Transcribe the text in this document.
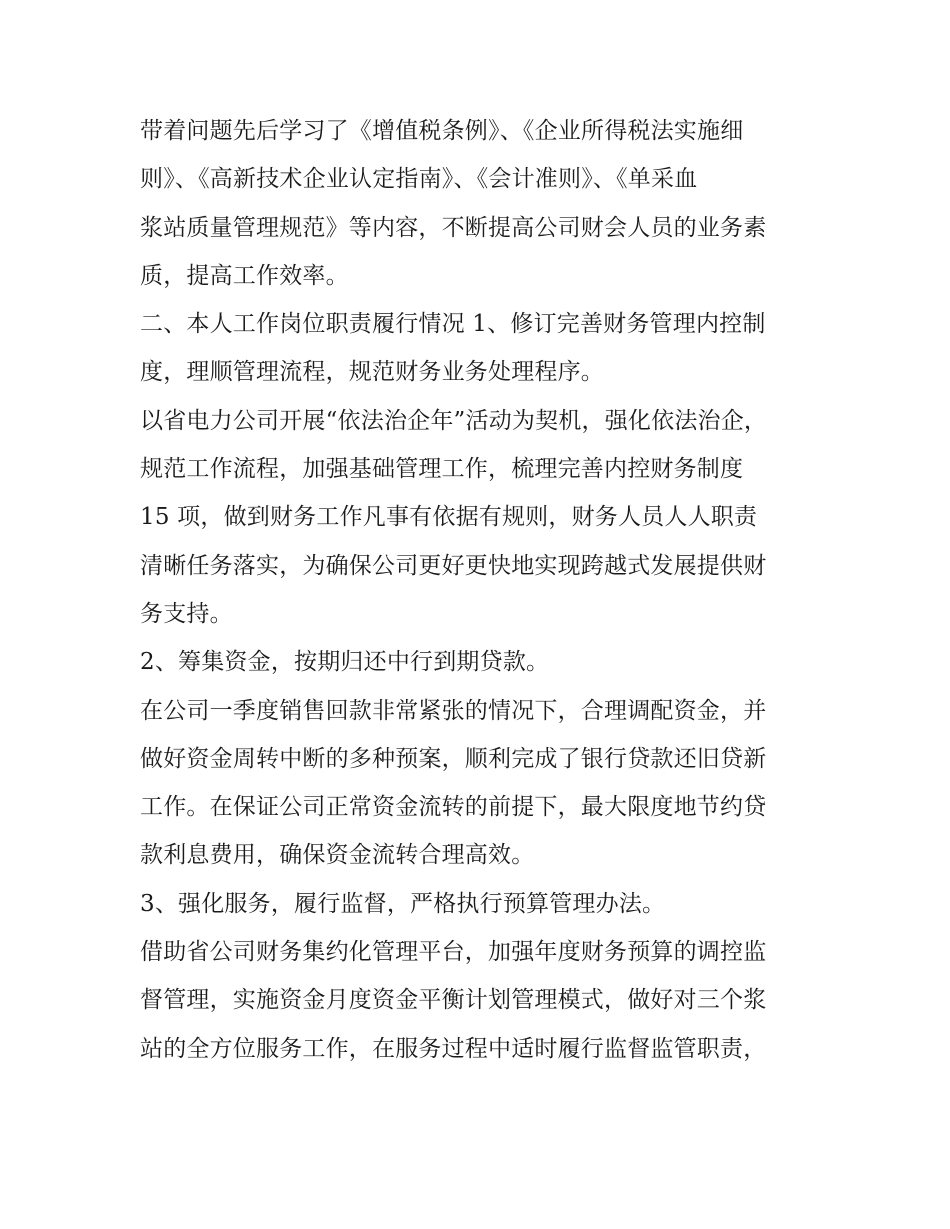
带着问题先后学习了《增值税条例》、《企业所得税法实施细
则》、《高新技术企业认定指南》、《会计准则》、《单采血
浆站质量管理规范》等内容，不断提高公司财会人员的业务素
质，提高工作效率。
二、本人工作岗位职责履行情况 1、修订完善财务管理内控制
度，理顺管理流程，规范财务业务处理程序。
以省电力公司开展“依法治企年”活动为契机，强化依法治企，
规范工作流程，加强基础管理工作，梳理完善内控财务制度
15 项，做到财务工作凡事有依据有规则，财务人员人人职责
清晰任务落实，为确保公司更好更快地实现跨越式发展提供财
务支持。
2、筹集资金，按期归还中行到期贷款。
在公司一季度销售回款非常紧张的情况下，合理调配资金，并
做好资金周转中断的多种预案，顺利完成了银行贷款还旧贷新
工作。在保证公司正常资金流转的前提下，最大限度地节约贷
款利息费用，确保资金流转合理高效。
3、强化服务，履行监督，严格执行预算管理办法。
借助省公司财务集约化管理平台，加强年度财务预算的调控监
督管理，实施资金月度资金平衡计划管理模式，做好对三个浆
站的全方位服务工作，在服务过程中适时履行监督监管职责，
